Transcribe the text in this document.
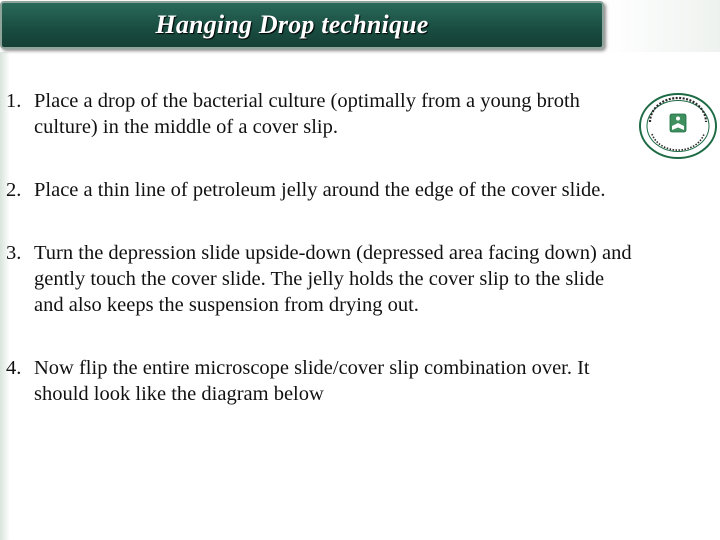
Hanging Drop technique
1. Place a drop of the bacterial culture (optimally from a young broth culture) in the middle of a cover slip.
2. Place a thin line of petroleum jelly around the edge of the cover slide.
3. Turn the depression slide upside-down (depressed area facing down) and gently touch the cover slide. The jelly holds the cover slip to the slide and also keeps the suspension from drying out.
4. Now flip the entire microscope slide/cover slip combination over. It should look like the diagram below
